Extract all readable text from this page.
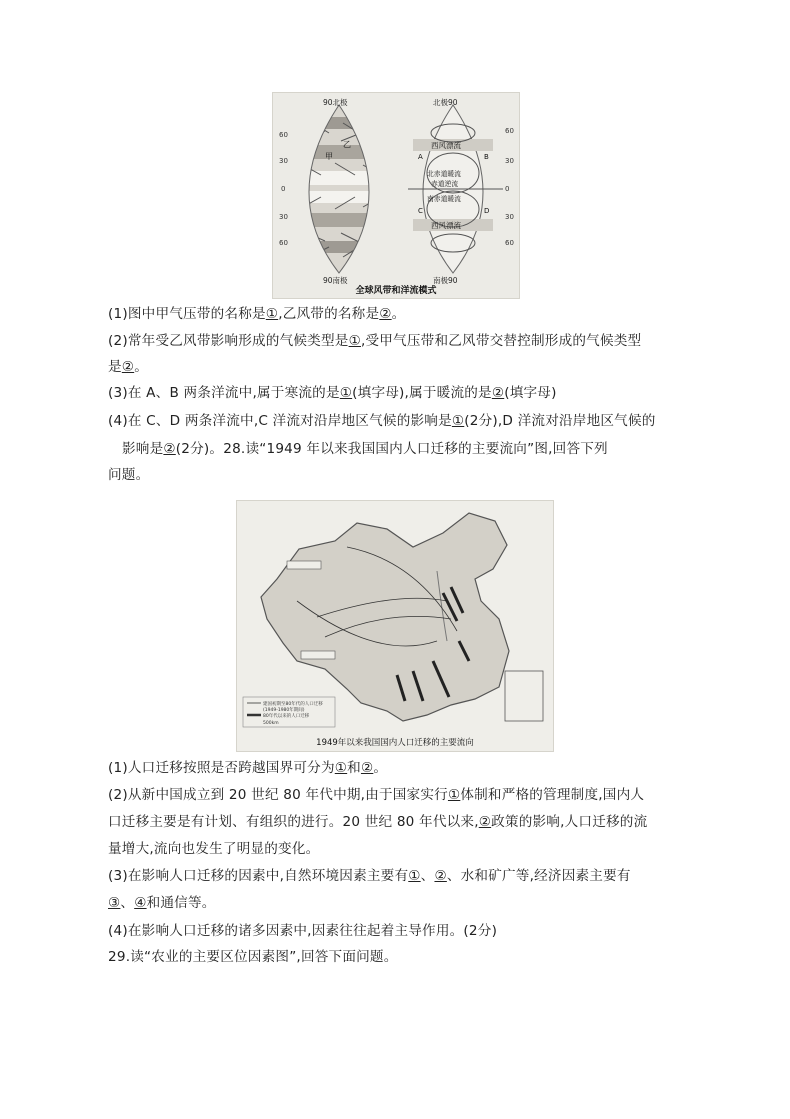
60
30
0
30
60
60
30
0
30
60
90北极	北极90
90南极	南极90
乙
甲
西风漂流
北赤道暖流
赤道逆流
南赤道暖流
西风漂流
A	B
C	D
全球风带和洋流模式
(1)图中甲气压带的名称是①,乙风带的名称是②。
(2)常年受乙风带影响形成的气候类型是①,受甲气压带和乙风带交替控制形成的气候类型
是②。
(3)在 A、B 两条洋流中,属于寒流的是①(填字母),属于暖流的是②(填字母)
(4)在 C、D 两条洋流中,C 洋流对沿岸地区气候的影响是①(2分),D 洋流对沿岸地区气候的
影响是②(2分)。28.读“1949 年以来我国国内人口迁移的主要流向”图,回答下列
问题。
建国初期至80年代的人口迁移
(1949-1980年期间)
80年代以来的人口迁移
500km
1949年以来我国国内人口迁移的主要流向
(1)人口迁移按照是否跨越国界可分为①和②。
(2)从新中国成立到 20 世纪 80 年代中期,由于国家实行①体制和严格的管理制度,国内人
口迁移主要是有计划、有组织的进行。20 世纪 80 年代以来,②政策的影响,人口迁移的流
量增大,流向也发生了明显的变化。
(3)在影响人口迁移的因素中,自然环境因素主要有①、②、水和矿广等,经济因素主要有
③、④和通信等。
(4)在影响人口迁移的诸多因素中,因素往往起着主导作用。(2分)
29.读“农业的主要区位因素图”,回答下面问题。
